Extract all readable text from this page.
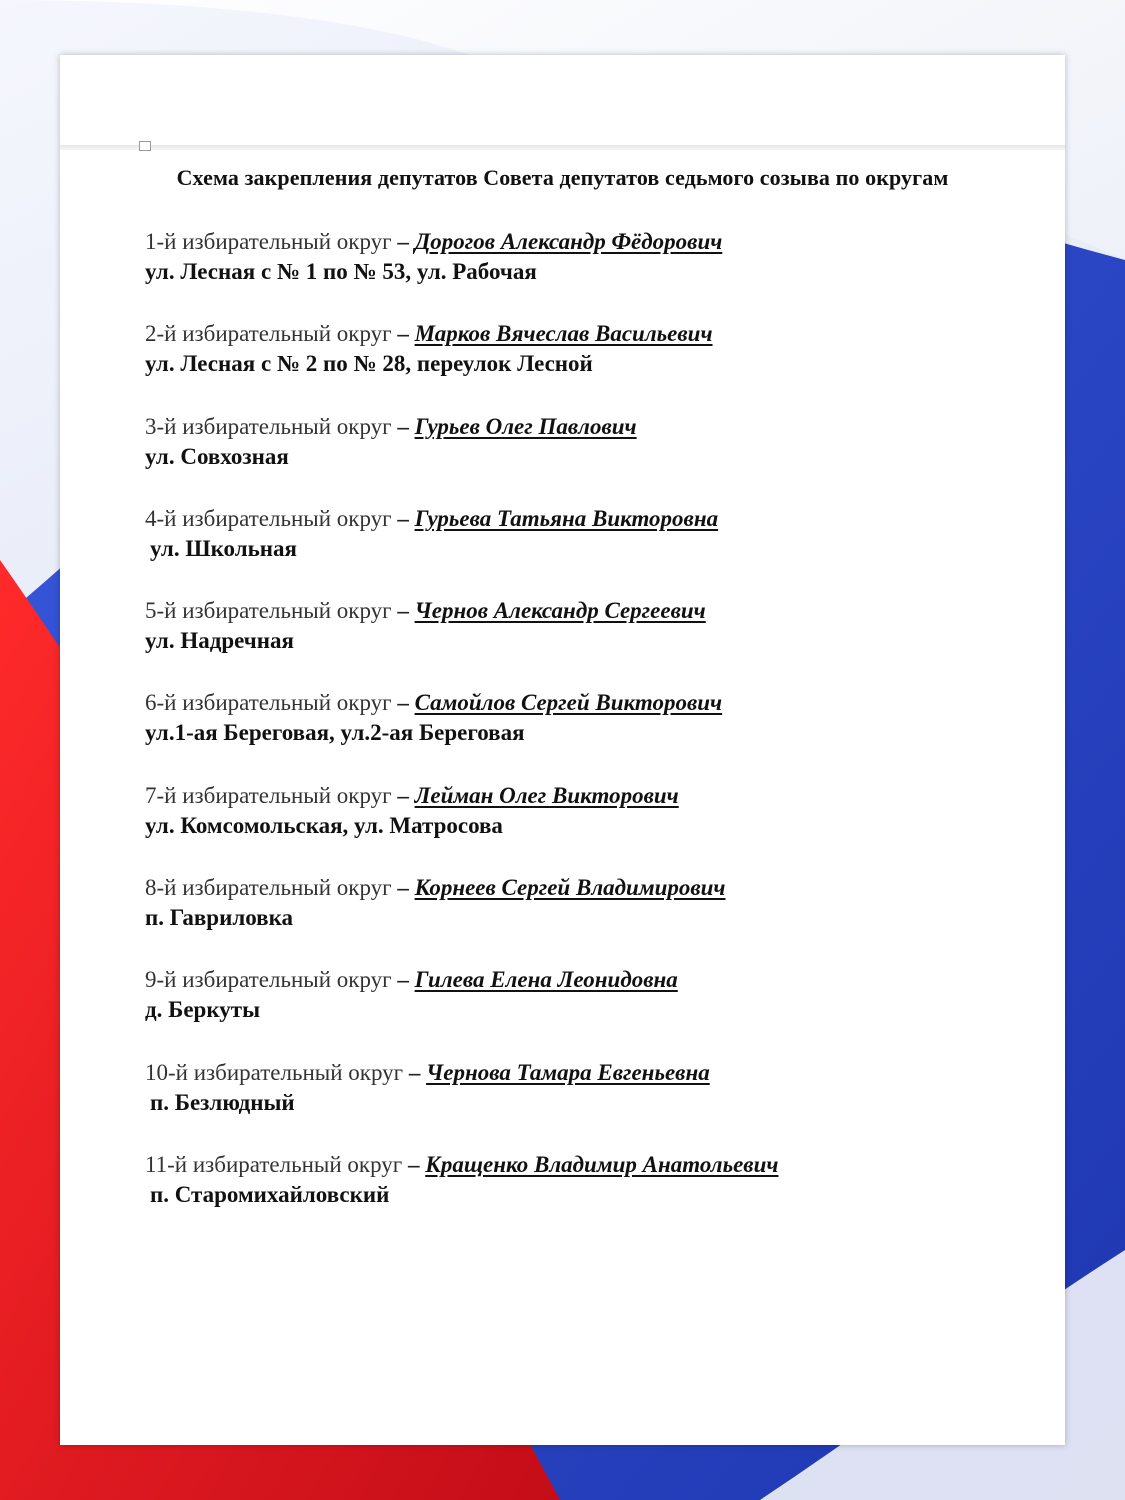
Схема закрепления депутатов Совета депутатов седьмого созыва по округам
1-й избирательный округ – Дорогов Александр Фёдорович
ул. Лесная с № 1 по № 53, ул. Рабочая
2-й избирательный округ – Марков Вячеслав Васильевич
ул. Лесная с № 2 по № 28, переулок Лесной
3-й избирательный округ – Гурьев Олег Павлович
ул. Совхозная
4-й избирательный округ – Гурьева Татьяна Викторовна
ул. Школьная
5-й избирательный округ – Чернов Александр Сергеевич
ул. Надречная
6-й избирательный округ – Самойлов Сергей Викторович
ул.1-ая Береговая, ул.2-ая Береговая
7-й избирательный округ – Лейман Олег Викторович
ул. Комсомольская, ул. Матросова
8-й избирательный округ – Корнеев Сергей Владимирович
п. Гавриловка
9-й избирательный округ – Гилева Елена Леонидовна
д. Беркуты
10-й избирательный округ – Чернова Тамара Евгеньевна
п. Безлюдный
11-й избирательный округ – Кращенко Владимир Анатольевич
п. Старомихайловский
